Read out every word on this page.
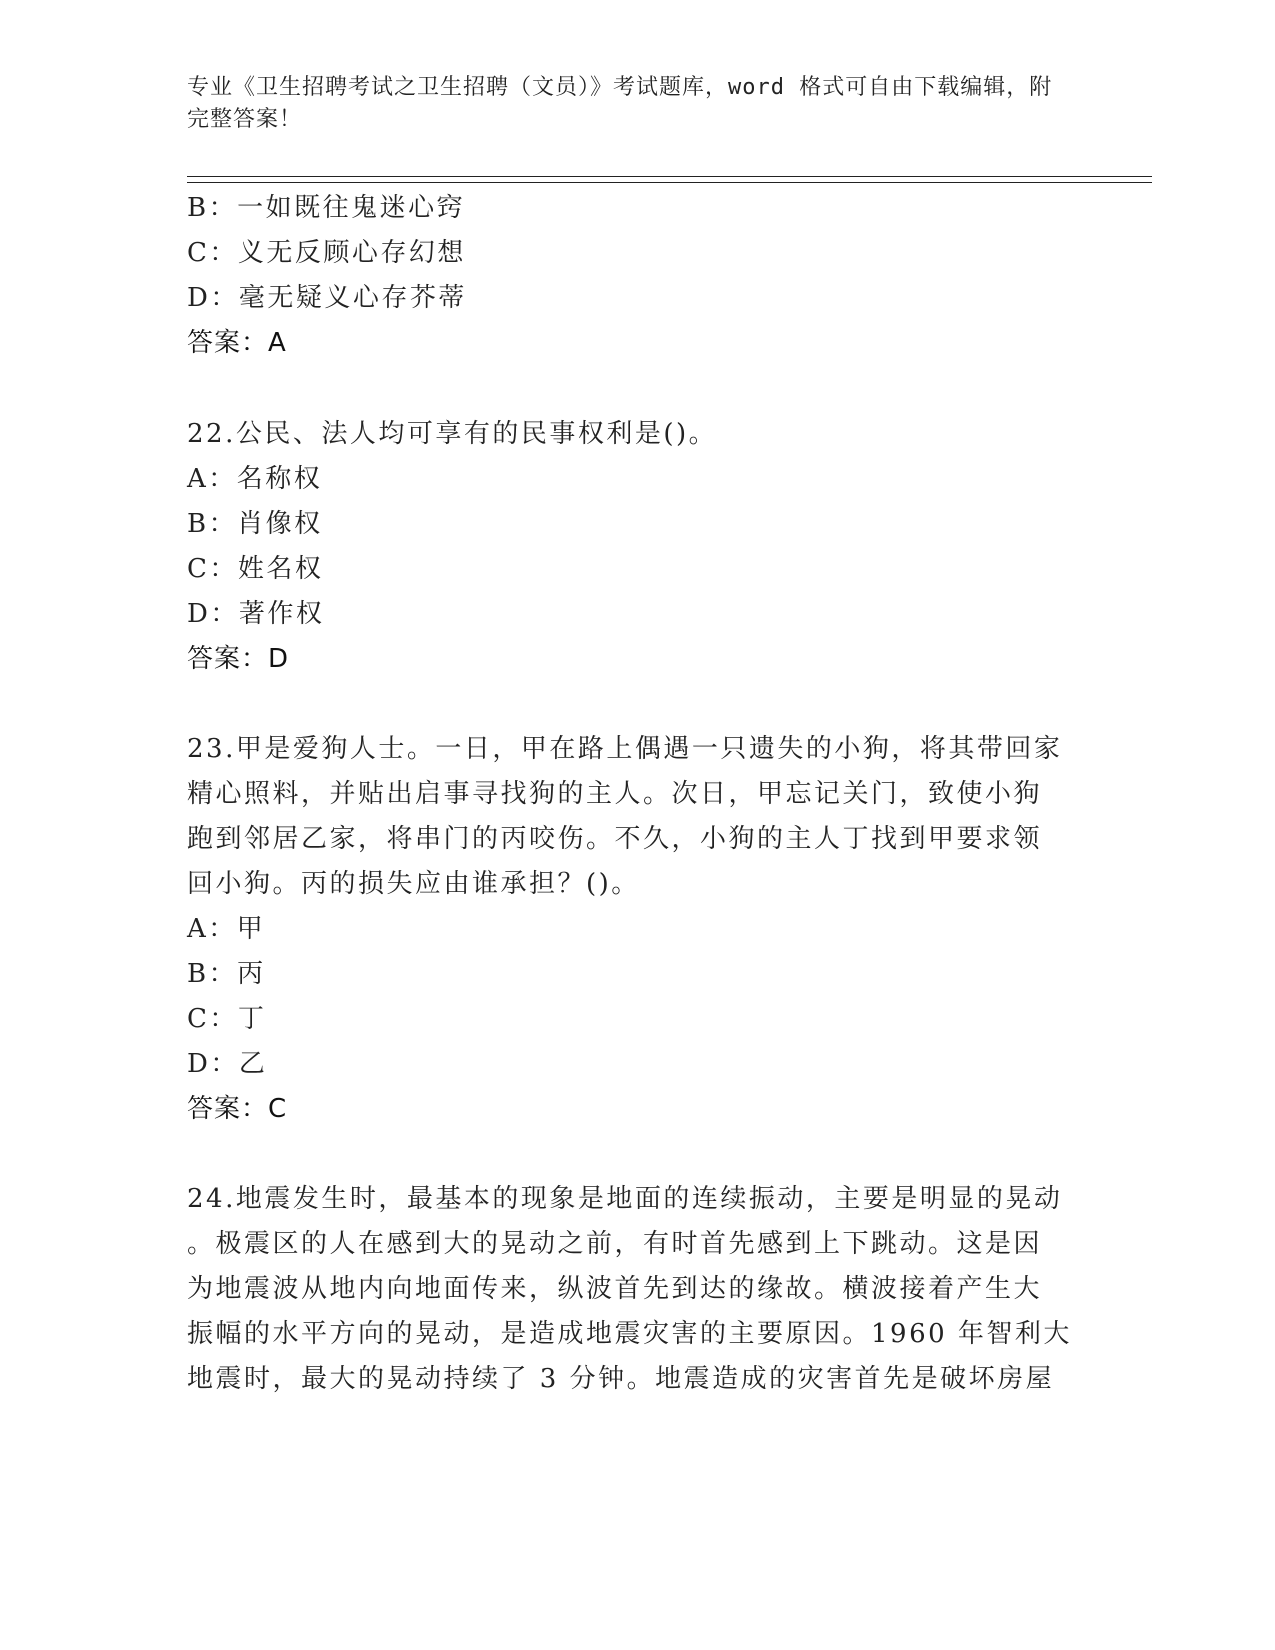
专业《卫生招聘考试之卫生招聘（文员）》考试题库，word 格式可自由下载编辑，附完整答案！

B：一如既往鬼迷心窍

C：义无反顾心存幻想

D：毫无疑义心存芥蒂

答案：A

22.公民、法人均可享有的民事权利是()。

A：名称权

B：肖像权

C：姓名权

D：著作权

答案：D

23.甲是爱狗人士。一日，甲在路上偶遇一只遗失的小狗，将其带回家

精心照料，并贴出启事寻找狗的主人。次日，甲忘记关门，致使小狗

跑到邻居乙家，将串门的丙咬伤。不久，小狗的主人丁找到甲要求领

回小狗。丙的损失应由谁承担？()。

A：甲

B：丙

C：丁

D：乙

答案：C

24.地震发生时，最基本的现象是地面的连续振动，主要是明显的晃动

。极震区的人在感到大的晃动之前，有时首先感到上下跳动。这是因

为地震波从地内向地面传来，纵波首先到达的缘故。横波接着产生大

振幅的水平方向的晃动，是造成地震灾害的主要原因。1960 年智利大

地震时，最大的晃动持续了 3 分钟。地震造成的灾害首先是破坏房屋
